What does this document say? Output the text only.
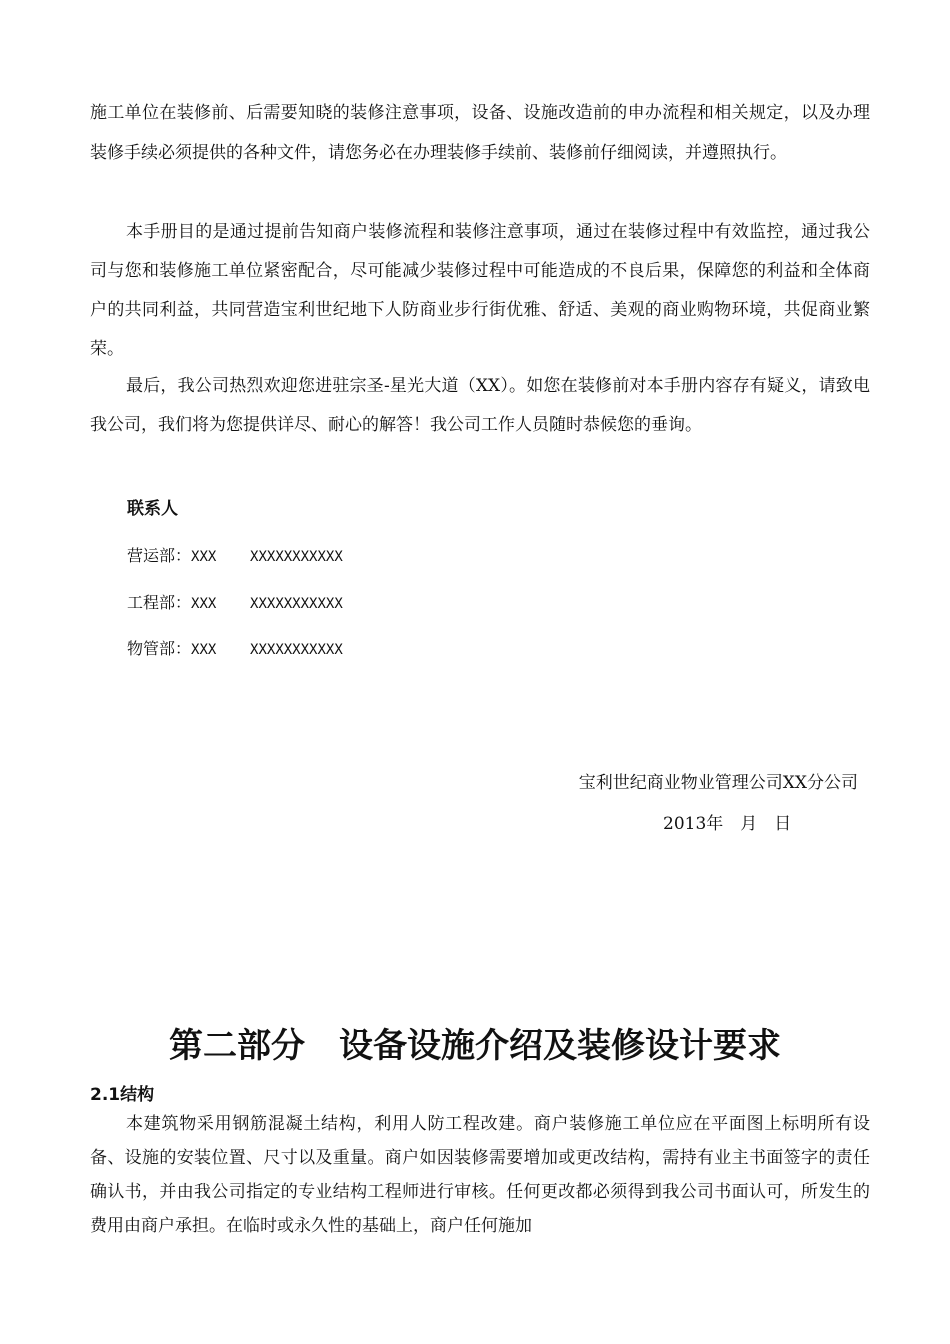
施工单位在装修前、后需要知晓的装修注意事项，设备、设施改造前的申办流程和相关规定，以及办理装修手续必须提供的各种文件，请您务必在办理装修手续前、装修前仔细阅读，并遵照执行。

本手册目的是通过提前告知商户装修流程和装修注意事项，通过在装修过程中有效监控，通过我公司与您和装修施工单位紧密配合，尽可能减少装修过程中可能造成的不良后果，保障您的利益和全体商户的共同利益，共同营造宝利世纪地下人防商业步行街优雅、舒适、美观的商业购物环境，共促商业繁荣。

最后，我公司热烈欢迎您进驻宗圣-星光大道（XX）。如您在装修前对本手册内容存有疑义，请致电我公司，我们将为您提供详尽、耐心的解答！我公司工作人员随时恭候您的垂询。

联系人

营运部：XXX XXXXXXXXXXX

工程部：XXX XXXXXXXXXXX

物管部：XXX XXXXXXXXXXX

宝利世纪商业物业管理公司XX分公司

2013年　月　日

第二部分　设备设施介绍及装修设计要求
2.1结构

本建筑物采用钢筋混凝土结构，利用人防工程改建。商户装修施工单位应在平面图上标明所有设备、设施的安装位置、尺寸以及重量。商户如因装修需要增加或更改结构，需持有业主书面签字的责任确认书，并由我公司指定的专业结构工程师进行审核。任何更改都必须得到我公司书面认可，所发生的费用由商户承担。在临时或永久性的基础上，商户任何施加
